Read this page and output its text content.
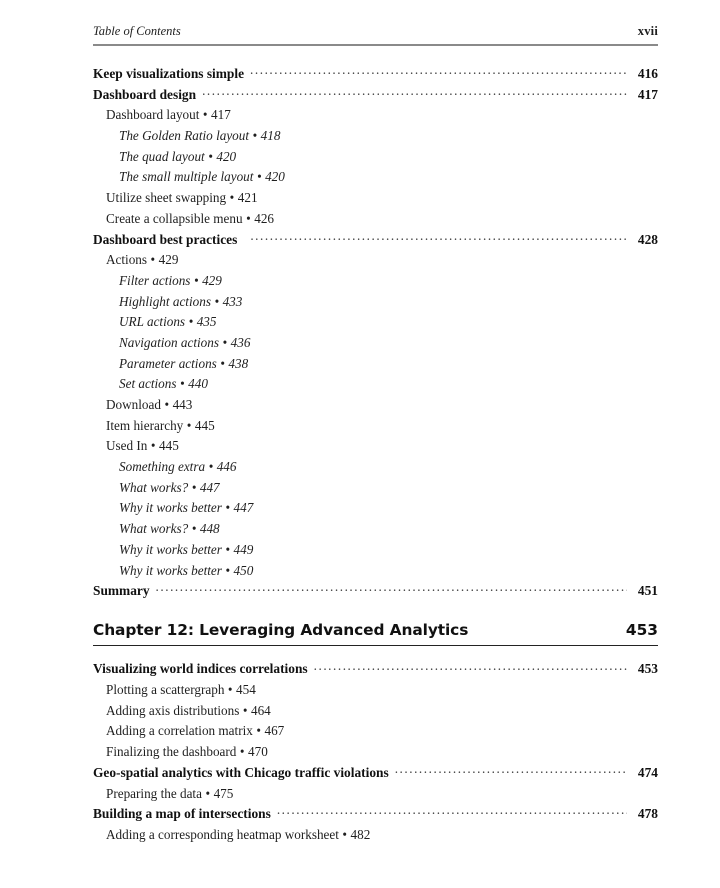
Table of Contents	xvii
Keep visualizations simple .....	416
Dashboard design .....	417
Dashboard layout • 417
The Golden Ratio layout • 418
The quad layout • 420
The small multiple layout • 420
Utilize sheet swapping • 421
Create a collapsible menu • 426
Dashboard best practices .....	428
Actions • 429
Filter actions • 429
Highlight actions • 433
URL actions • 435
Navigation actions • 436
Parameter actions • 438
Set actions • 440
Download • 443
Item hierarchy • 445
Used In • 445
Something extra • 446
What works? • 447
Why it works better • 447
What works? • 448
Why it works better • 449
Why it works better • 450
Summary .....	451
Chapter 12: Leveraging Advanced Analytics	453
Visualizing world indices correlations .....	453
Plotting a scattergraph • 454
Adding axis distributions • 464
Adding a correlation matrix • 467
Finalizing the dashboard • 470
Geo-spatial analytics with Chicago traffic violations .....	474
Preparing the data • 475
Building a map of intersections .....	478
Adding a corresponding heatmap worksheet • 482
